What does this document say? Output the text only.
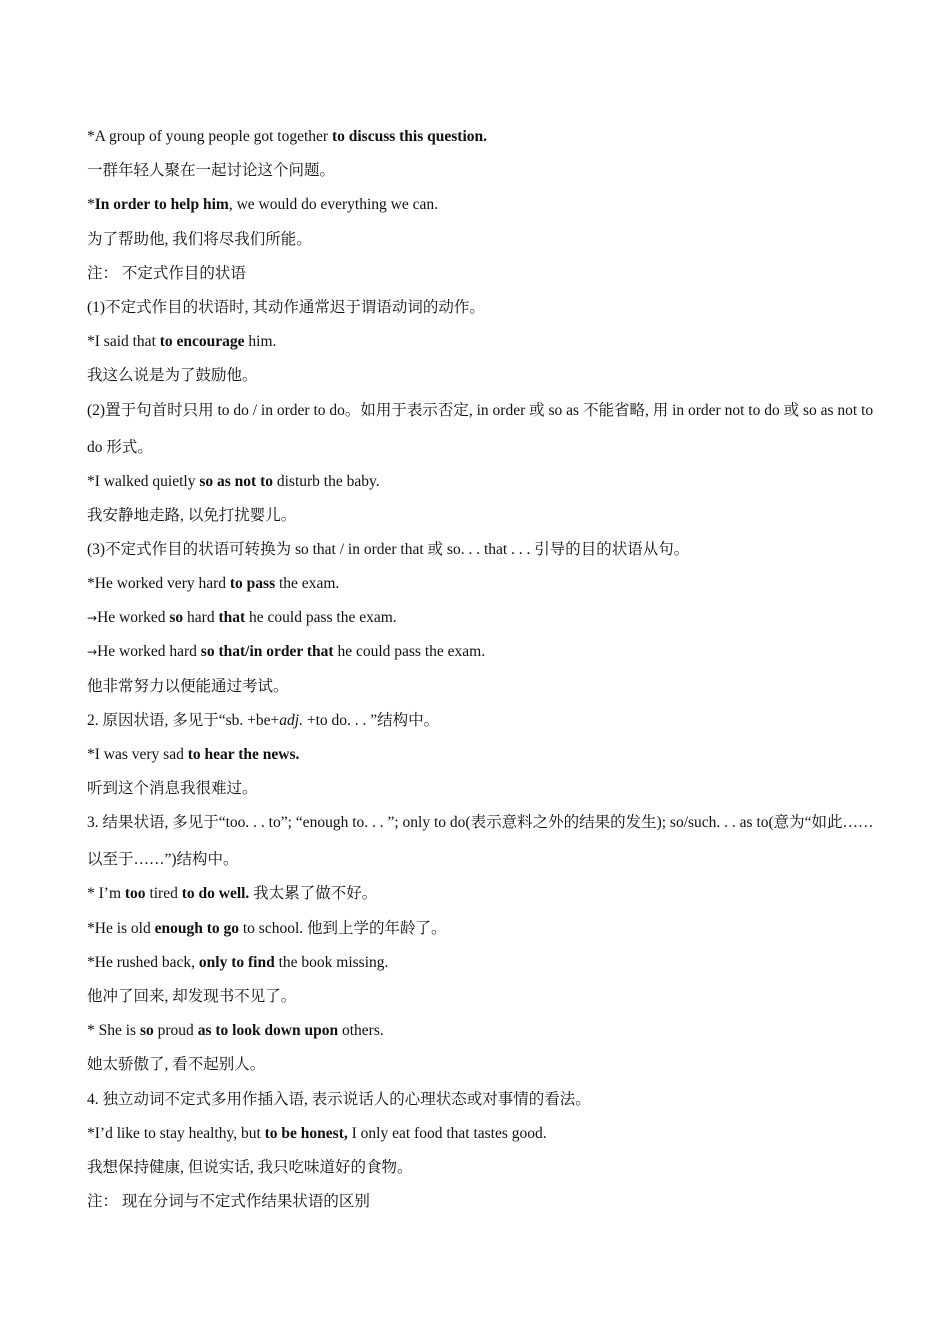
*A group of young people got together to discuss this question.
一群年轻人聚在一起讨论这个问题。
*In order to help him, we would do everything we can.
为了帮助他, 我们将尽我们所能。
注： 不定式作目的状语
(1)不定式作目的状语时, 其动作通常迟于谓语动词的动作。
*I said that to encourage him.
我这么说是为了鼓励他。
(2)置于句首时只用 to do / in order to do。如用于表示否定, in order 或 so as 不能省略, 用 in order not to do 或 so as not to do 形式。
*I walked quietly so as not to disturb the baby.
我安静地走路, 以免打扰婴儿。
(3)不定式作目的状语可转换为 so that / in order that 或 so. . . that . . . 引导的目的状语从句。
*He worked very hard to pass the exam.
→He worked so hard that he could pass the exam.
→He worked hard so that/in order that he could pass the exam.
他非常努力以便能通过考试。
2. 原因状语, 多见于“sb. +be+adj. +to do. . . ”结构中。
*I was very sad to hear the news.
听到这个消息我很难过。
3. 结果状语, 多见于“too. . . to”; “enough to. . . ”; only to do(表示意料之外的结果的发生); so/such. . . as to(意为“如此……以至于……”)结构中。
* I’m too tired to do well. 我太累了做不好。
*He is old enough to go to school. 他到上学的年龄了。
*He rushed back, only to find the book missing.
他冲了回来, 却发现书不见了。
* She is so proud as to look down upon others.
她太骄傲了, 看不起别人。
4. 独立动词不定式多用作插入语, 表示说话人的心理状态或对事情的看法。
*I’d like to stay healthy, but to be honest, I only eat food that tastes good.
我想保持健康, 但说实话, 我只吃味道好的食物。
注： 现在分词与不定式作结果状语的区别
